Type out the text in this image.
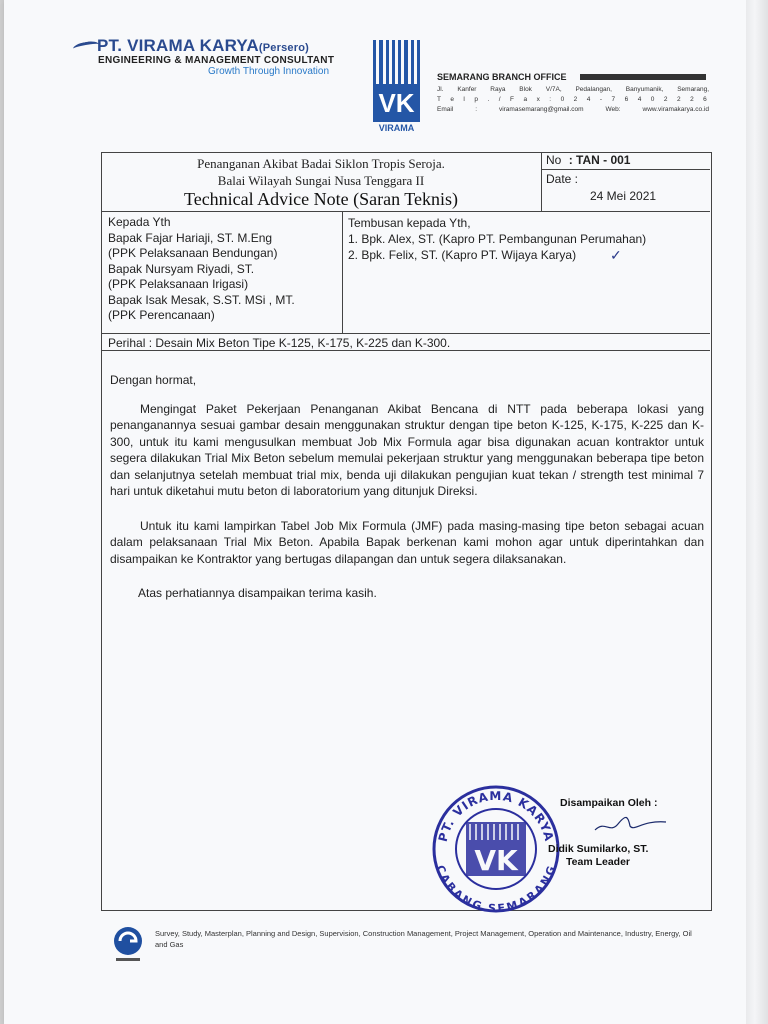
PT. VIRAMA KARYA(Persero)
ENGINEERING & MANAGEMENT CONSULTANT
Growth Through Innovation
VK
VIRAMA
SEMARANG BRANCH OFFICE
Jl. Kanfer Raya Blok V/7A, Pedalangan, Banyumanik, Semarang,
T e l p . / F a x : 0 2 4 - 7 6 4 0 2 2 2 6
Email : viramasemarang@gmail.com Web: www.viramakarya.co.id
Penanganan Akibat Badai Siklon Tropis Seroja.
Balai Wilayah Sungai Nusa Tenggara II
Technical Advice Note (Saran Teknis)
No : TAN - 001
Date :
24 Mei 2021
Kepada Yth
Bapak Fajar Hariaji, ST. M.Eng
(PPK Pelaksanaan Bendungan)
Bapak Nursyam Riyadi, ST.
(PPK Pelaksanaan Irigasi)
Bapak Isak Mesak, S.ST. MSi , MT.
(PPK Perencanaan)
Tembusan kepada Yth,
1. Bpk. Alex, ST. (Kapro PT. Pembangunan Perumahan)
2. Bpk. Felix, ST. (Kapro PT. Wijaya Karya)	✓
Perihal : Desain Mix Beton Tipe K-125, K-175, K-225 dan K-300.
Dengan hormat,
Mengingat Paket Pekerjaan Penanganan Akibat Bencana di NTT pada beberapa lokasi yang penanganannya sesuai gambar desain menggunakan struktur dengan tipe beton K-125, K-175, K-225 dan K-300, untuk itu kami mengusulkan membuat Job Mix Formula agar bisa digunakan acuan kontraktor untuk segera dilakukan Trial Mix Beton sebelum memulai pekerjaan struktur yang menggunakan beberapa tipe beton dan selanjutnya setelah membuat trial mix, benda uji dilakukan pengujian kuat tekan / strength test minimal 7 hari untuk diketahui mutu beton di laboratorium yang ditunjuk Direksi.
Untuk itu kami lampirkan Tabel Job Mix Formula (JMF) pada masing-masing tipe beton sebagai acuan dalam pelaksanaan Trial Mix Beton. Apabila Bapak berkenan kami mohon agar untuk diperintahkan dan disampaikan ke Kontraktor yang bertugas dilapangan dan untuk segera dilaksanakan.
Atas perhatiannya disampaikan terima kasih.
PT. VIRAMA KARYA
CABANG SEMARANG
VK
Disampaikan Oleh :
Didik Sumilarko, ST.
Team Leader
Survey, Study, Masterplan, Planning and Design, Supervision, Construction Management, Project Management, Operation and Maintenance, Industry, Energy, Oil and Gas
